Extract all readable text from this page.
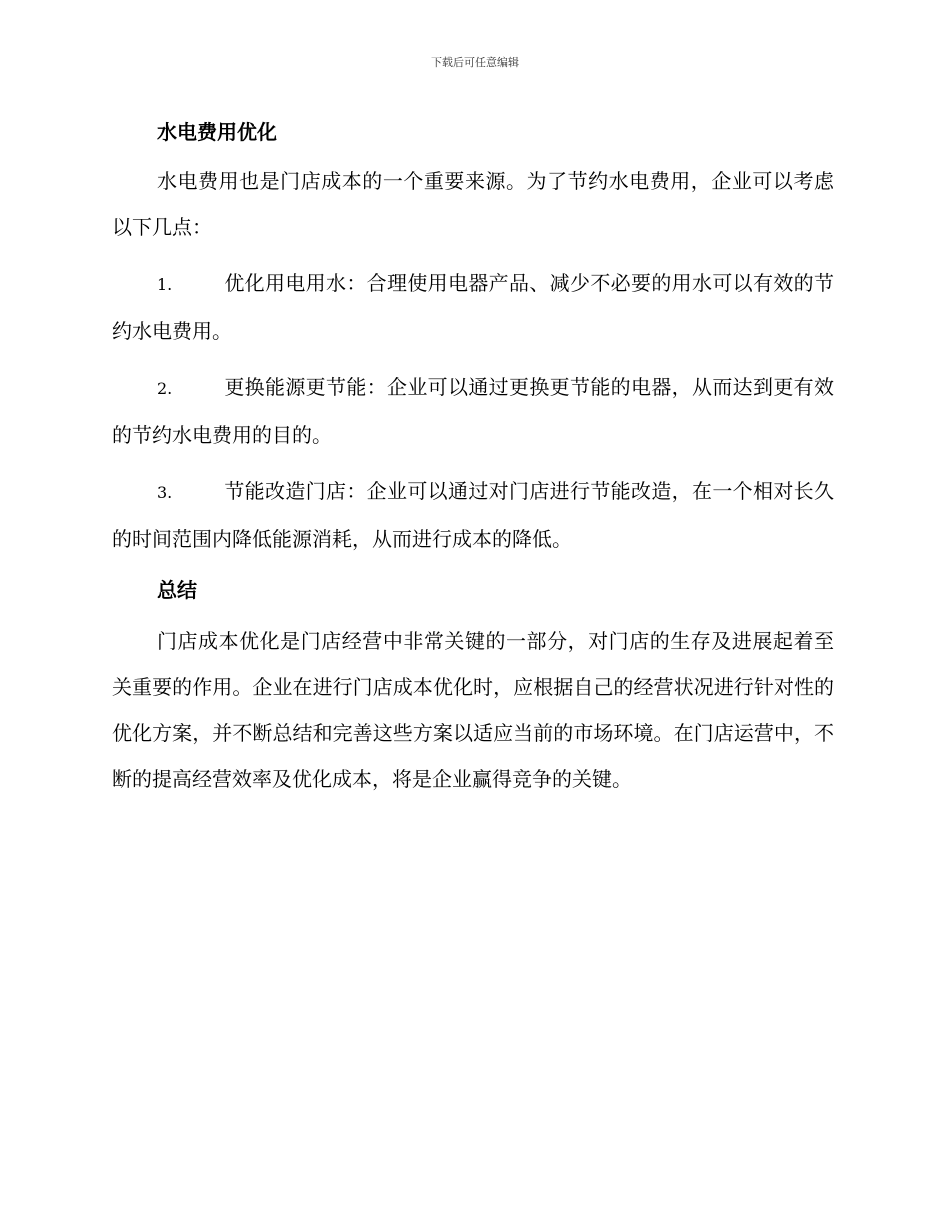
下载后可任意编辑
水电费用优化

水电费用也是门店成本的一个重要来源。为了节约水电费用，企业可以考虑以下几点：

1.	优化用电用水：合理使用电器产品、减少不必要的用水可以有效的节约水电费用。

2.	更换能源更节能：企业可以通过更换更节能的电器，从而达到更有效的节约水电费用的目的。

3.	节能改造门店：企业可以通过对门店进行节能改造，在一个相对长久的时间范围内降低能源消耗，从而进行成本的降低。

总结

门店成本优化是门店经营中非常关键的一部分，对门店的生存及进展起着至关重要的作用。企业在进行门店成本优化时，应根据自己的经营状况进行针对性的优化方案，并不断总结和完善这些方案以适应当前的市场环境。在门店运营中，不断的提高经营效率及优化成本，将是企业赢得竞争的关键。
